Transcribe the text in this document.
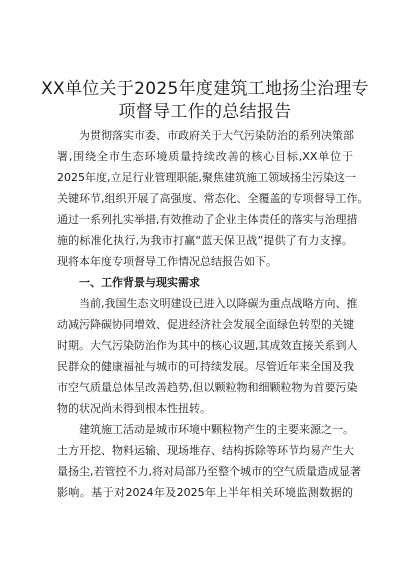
XX单位关于2025年度建筑工地扬尘治理专
项督导工作的总结报告
为贯彻落实市委、市政府关于大气污染防治的系列决策部
署,围绕全市生态环境质量持续改善的核心目标,XX单位于
2025年度,立足行业管理职能,聚焦建筑施工领域扬尘污染这一
关键环节,组织开展了高强度、常态化、全覆盖的专项督导工作。
通过一系列扎实举措,有效推动了企业主体责任的落实与治理措
施的标准化执行,为我市打赢“蓝天保卫战”提供了有力支撑。
现将本年度专项督导工作情况总结报告如下。
一、工作背景与现实需求
当前,我国生态文明建设已进入以降碳为重点战略方向、推
动减污降碳协同增效、促进经济社会发展全面绿色转型的关键
时期。大气污染防治作为其中的核心议题,其成效直接关系到人
民群众的健康福祉与城市的可持续发展。尽管近年来全国及我
市空气质量总体呈改善趋势,但以颗粒物和细颗粒物为首要污染
物的状况尚未得到根本性扭转。
建筑施工活动是城市环境中颗粒物产生的主要来源之一。
土方开挖、物料运输、现场堆存、结构拆除等环节均易产生大
量扬尘,若管控不力,将对局部乃至整个城市的空气质量造成显著
影响。基于对2024年及2025年上半年相关环境监测数据的
